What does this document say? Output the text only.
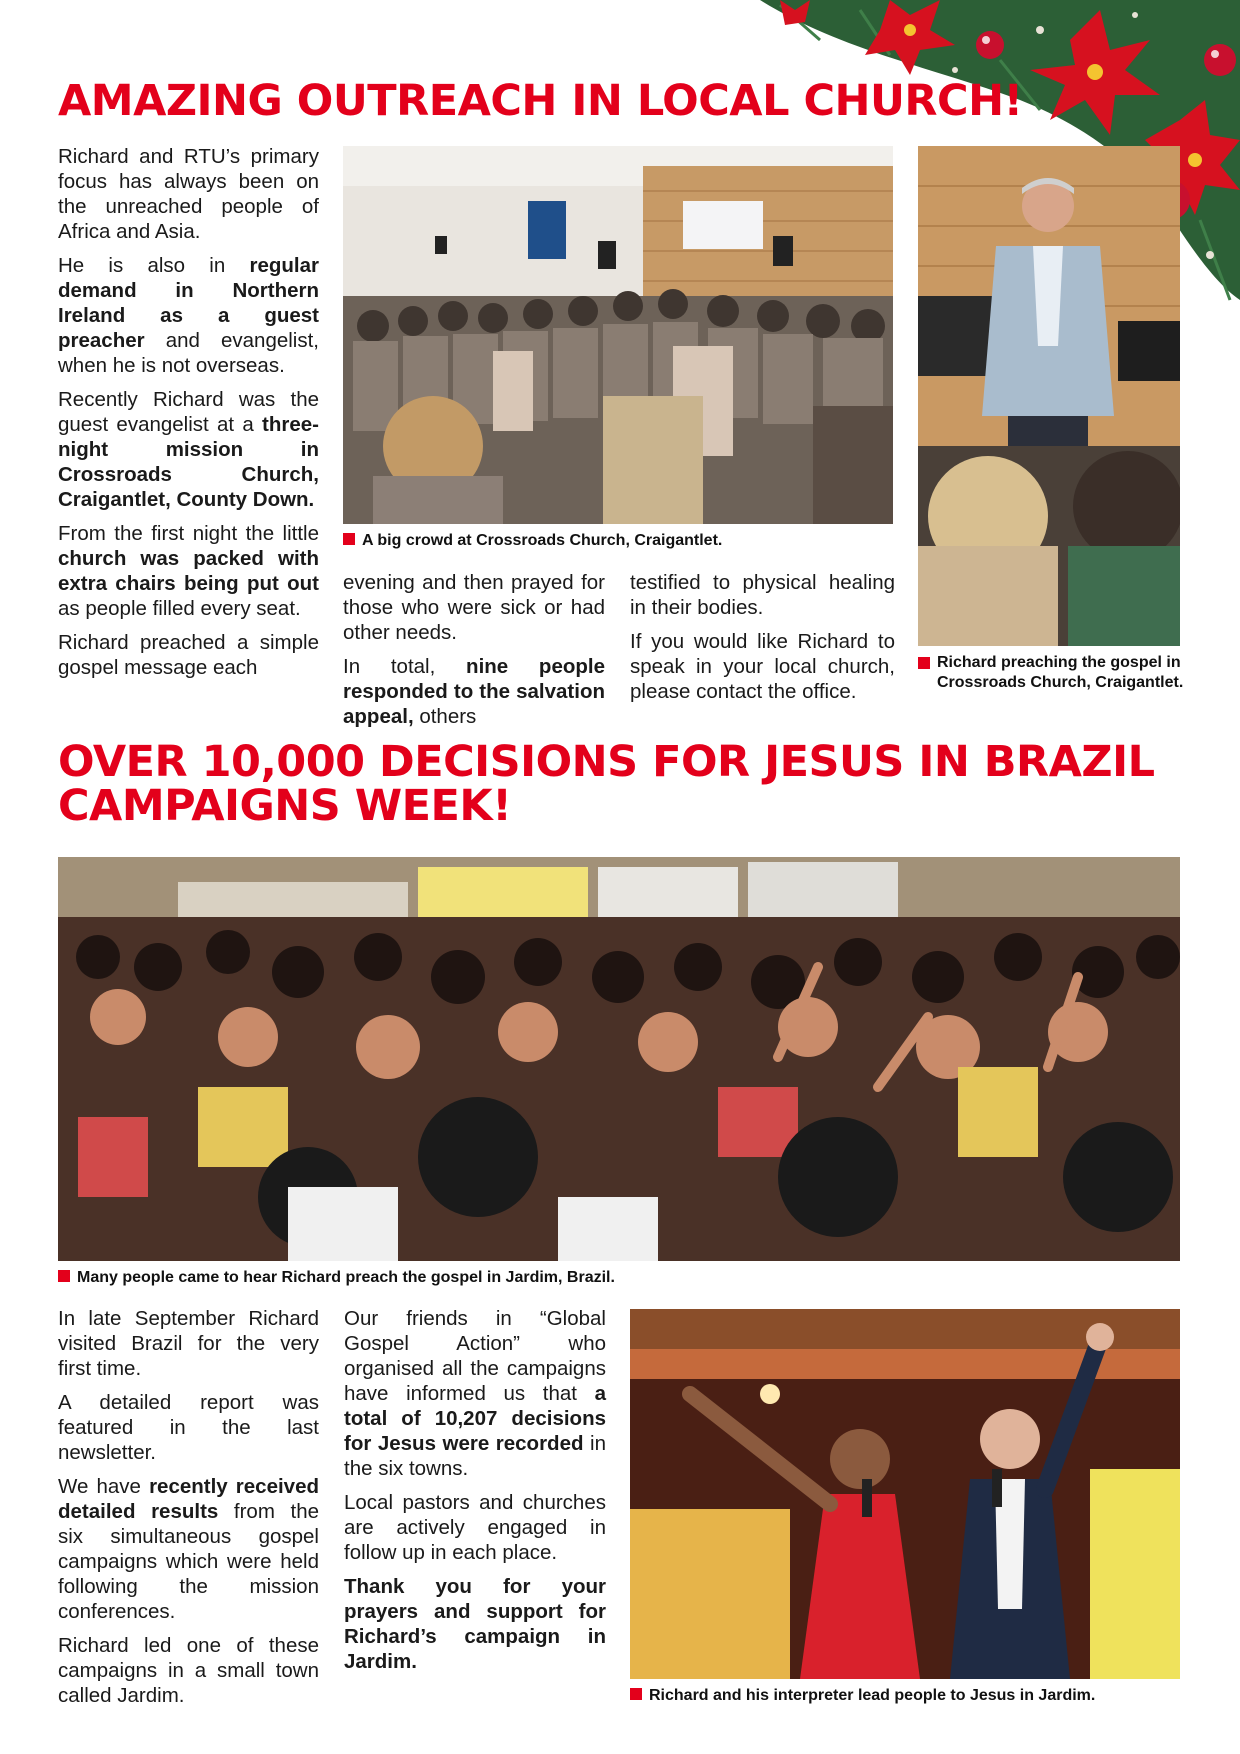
AMAZING OUTREACH IN LOCAL CHURCH!

Richard and RTU’s primary focus has always been on the unreached people of Africa and Asia.

He is also in regular demand in Northern Ireland as a guest preacher and evangelist, when he is not overseas.

Recently Richard was the guest evangelist at a three-night mission in Crossroads Church, Craigantlet, County Down.

From the first night the little church was packed with extra chairs being put out as people filled every seat.

Richard preached a simple gospel message each

A big crowd at Crossroads Church, Craigantlet.

evening and then prayed for those who were sick or had other needs.

In total, nine people responded to the salvation appeal, others

testified to physical healing in their bodies.

If you would like Richard to speak in your local church, please contact the office.

Richard preaching the gospel in Crossroads Church, Craigantlet.
OVER 10,000 DECISIONS FOR JESUS IN BRAZIL CAMPAIGNS WEEK!
Many people came to hear Richard preach the gospel in Jardim, Brazil.

In late September Richard visited Brazil for the very first time.

A detailed report was featured in the last newsletter.

We have recently received detailed results from the six simultaneous gospel campaigns which were held following the mission conferences.

Richard led one of these campaigns in a small town called Jardim.

Our friends in “Global Gospel Action” who organised all the campaigns have informed us that a total of 10,207 decisions for Jesus were recorded in the six towns.

Local pastors and churches are actively engaged in follow up in each place.

Thank you for your prayers and support for Richard’s campaign in Jardim.

Richard and his interpreter lead people to Jesus in Jardim.
